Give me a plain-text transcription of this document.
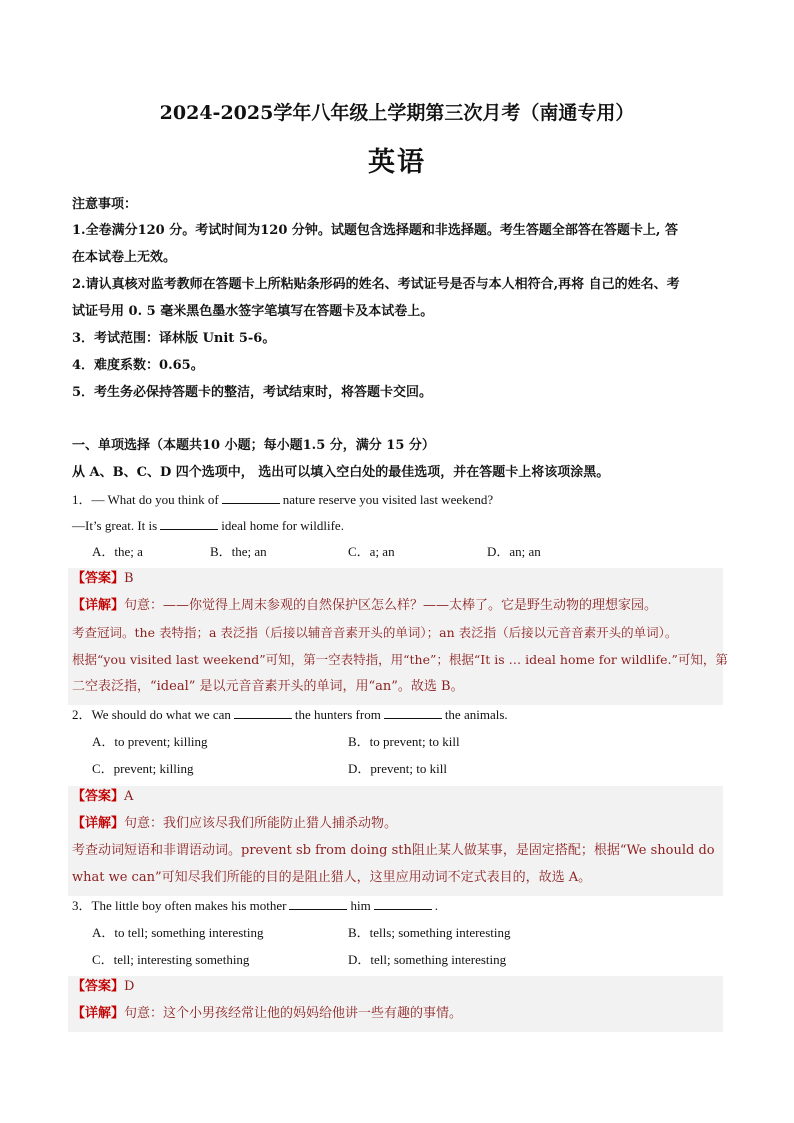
2024-2025学年八年级上学期第三次月考（南通专用）
英语
注意事项：
1.全卷满分120 分。考试时间为120 分钟。试题包含选择题和非选择题。考生答题全部答在答题卡上, 答
在本试卷上无效。
2.请认真核对监考教师在答题卡上所粘贴条形码的姓名、考试证号是否与本人相符合,再将 自己的姓名、考
试证号用 0. 5 毫米黑色墨水签字笔填写在答题卡及本试卷上。
3．考试范围：译林版 Unit 5-6。
4．难度系数：0.65。
5．考生务必保持答题卡的整洁，考试结束时，将答题卡交回。
一、单项选择（本题共10 小题；每小题1.5 分，满分 15 分）
从 A、B、C、D 四个选项中， 选出可以填入空白处的最佳选项，并在答题卡上将该项涂黑。
1．— What do you think of	nature reserve you visited last weekend?
—It’s great. It is	ideal home for wildlife.
A．the; a	B．the; an	C．a; an	D．an; an
【答案】B
【详解】句意：——你觉得上周末参观的自然保护区怎么样？——太棒了。它是野生动物的理想家园。
考查冠词。the 表特指；a 表泛指（后接以辅音音素开头的单词）；an 表泛指（后接以元音音素开头的单词）。
根据“you visited last weekend”可知，第一空表特指，用“the”；根据“It is … ideal home for wildlife.”可知，第
二空表泛指，“ideal” 是以元音音素开头的单词，用“an”。故选 B。
2．We should do what we can	the hunters from	the animals.
A．to prevent; killing	B．to prevent; to kill
C．prevent; killing	D．prevent; to kill
【答案】A
【详解】句意：我们应该尽我们所能防止猎人捕杀动物。
考查动词短语和非谓语动词。prevent sb from doing sth阻止某人做某事，是固定搭配；根据“We should do
what we can”可知尽我们所能的目的是阻止猎人，这里应用动词不定式表目的，故选 A。
3．The little boy often makes his mother	him	.
A．to tell; something interesting	B．tells; something interesting
C．tell; interesting something	D．tell; something interesting
【答案】D
【详解】句意：这个小男孩经常让他的妈妈给他讲一些有趣的事情。
